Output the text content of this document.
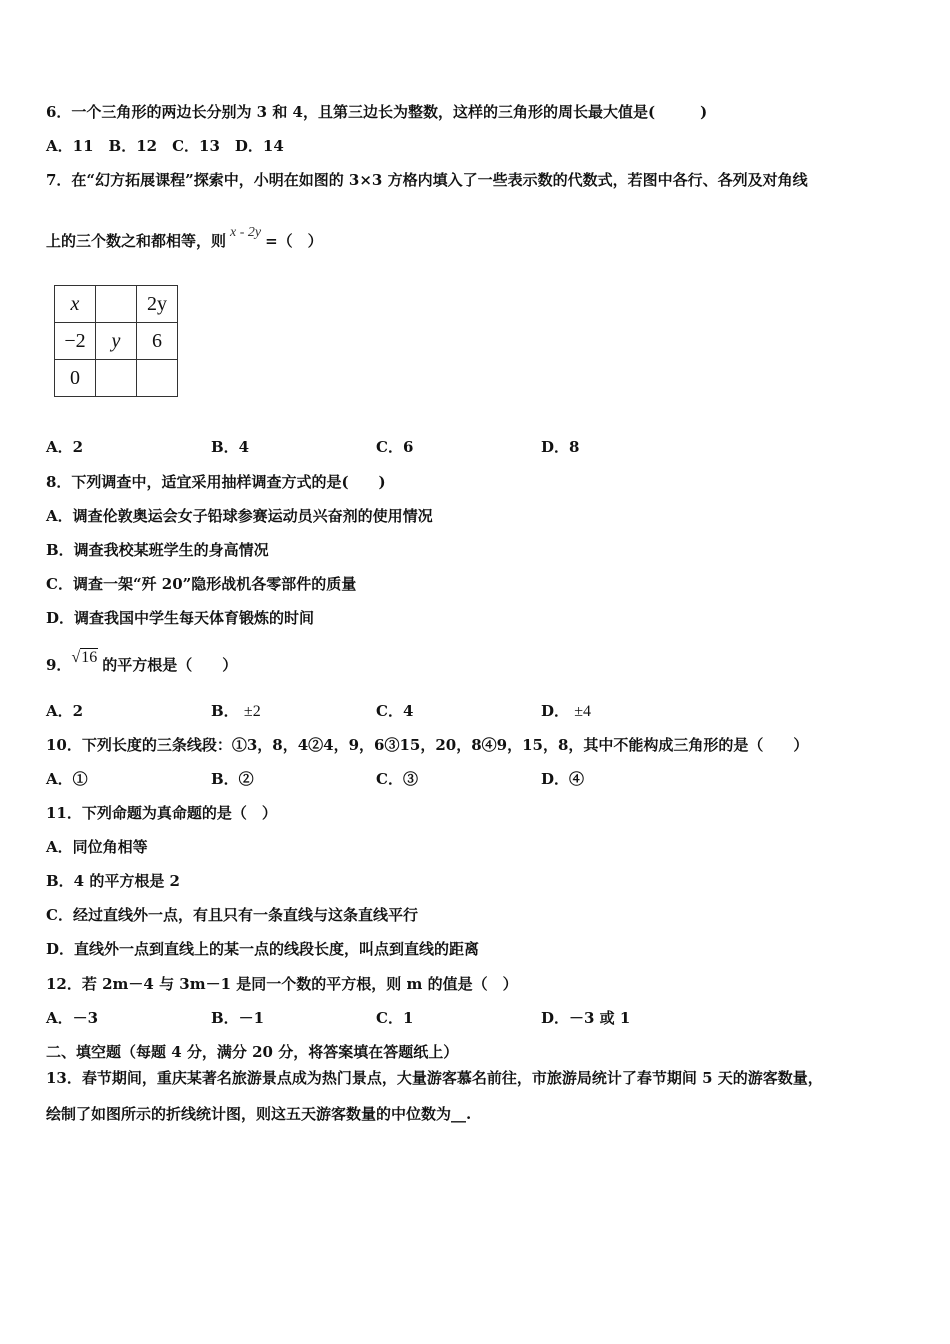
6．一个三角形的两边长分别为 3 和 4，且第三边长为整数，这样的三角形的周长最大值是(　　　)
A．11　B．12　C．13　D．14
7．在“幻方拓展课程”探索中，小明在如图的 3×3 方格内填入了一些表示数的代数式，若图中各行、各列及对角线
上的三个数之和都相等，则 x - 2y =（　）
x		2y
−2	y	6
0		
A．2	B．4	C．6	D．8
8．下列调查中，适宜采用抽样调查方式的是(　　)
A．调查伦敦奥运会女子铅球参赛运动员兴奋剂的使用情况
B．调查我校某班学生的身高情况
C．调查一架“歼 20”隐形战机各零部件的质量
D．调查我国中学生每天体育锻炼的时间
9．√16 的平方根是（　　）
A．2	B． ±2	C．4	D． ±4
10．下列长度的三条线段：①3，8，4②4，9，6③15，20，8④9，15，8，其中不能构成三角形的是（　　）
A．①	B．②	C．③	D．④
11．下列命题为真命题的是（　）
A．同位角相等
B．4 的平方根是 2
C．经过直线外一点，有且只有一条直线与这条直线平行
D．直线外一点到直线上的某一点的线段长度，叫点到直线的距离
12．若 2m－4 与 3m－1 是同一个数的平方根，则 m 的值是（　）
A．－3	B．－1	C．1	D．－3 或 1
二、填空题（每题 4 分，满分 20 分，将答案填在答题纸上）
13．春节期间，重庆某著名旅游景点成为热门景点，大量游客慕名前往，市旅游局统计了春节期间 5 天的游客数量，
绘制了如图所示的折线统计图，则这五天游客数量的中位数为__.
